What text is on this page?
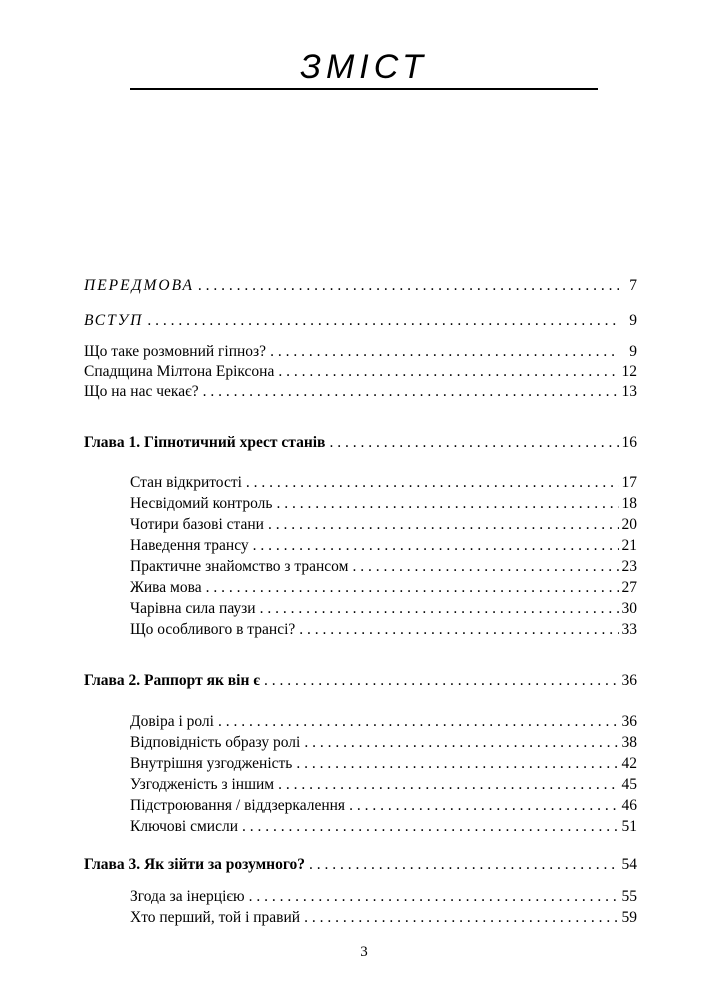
ЗМІСТ
ПЕРЕДМОВА . . .	7
ВСТУП . . .	9
Що таке розмовний гіпноз? . . .	9
Спадщина Мілтона Еріксона . . .	12
Що на нас чекає? . . .	13
Глава 1. Гіпнотичний хрест станів . . .	16
Стан відкритості . . .	17
Несвідомий контроль . . .	18
Чотири базові стани . . .	20
Наведення трансу . . .	21
Практичне знайомство з трансом . . .	23
Жива мова . . .	27
Чарівна сила паузи . . .	30
Що особливого в трансі? . . .	33
Глава 2. Раппорт як він є . . .	36
Довіра і ролі . . .	36
Відповідність образу ролі . . .	38
Внутрішня узгодженість . . .	42
Узгодженість з іншим . . .	45
Підстроювання / віддзеркалення . . .	46
Ключові смисли . . .	51
Глава 3. Як зійти за розумного? . . .	54
Згода за інерцією . . .	55
Хто перший, той і правий . . .	59
3
